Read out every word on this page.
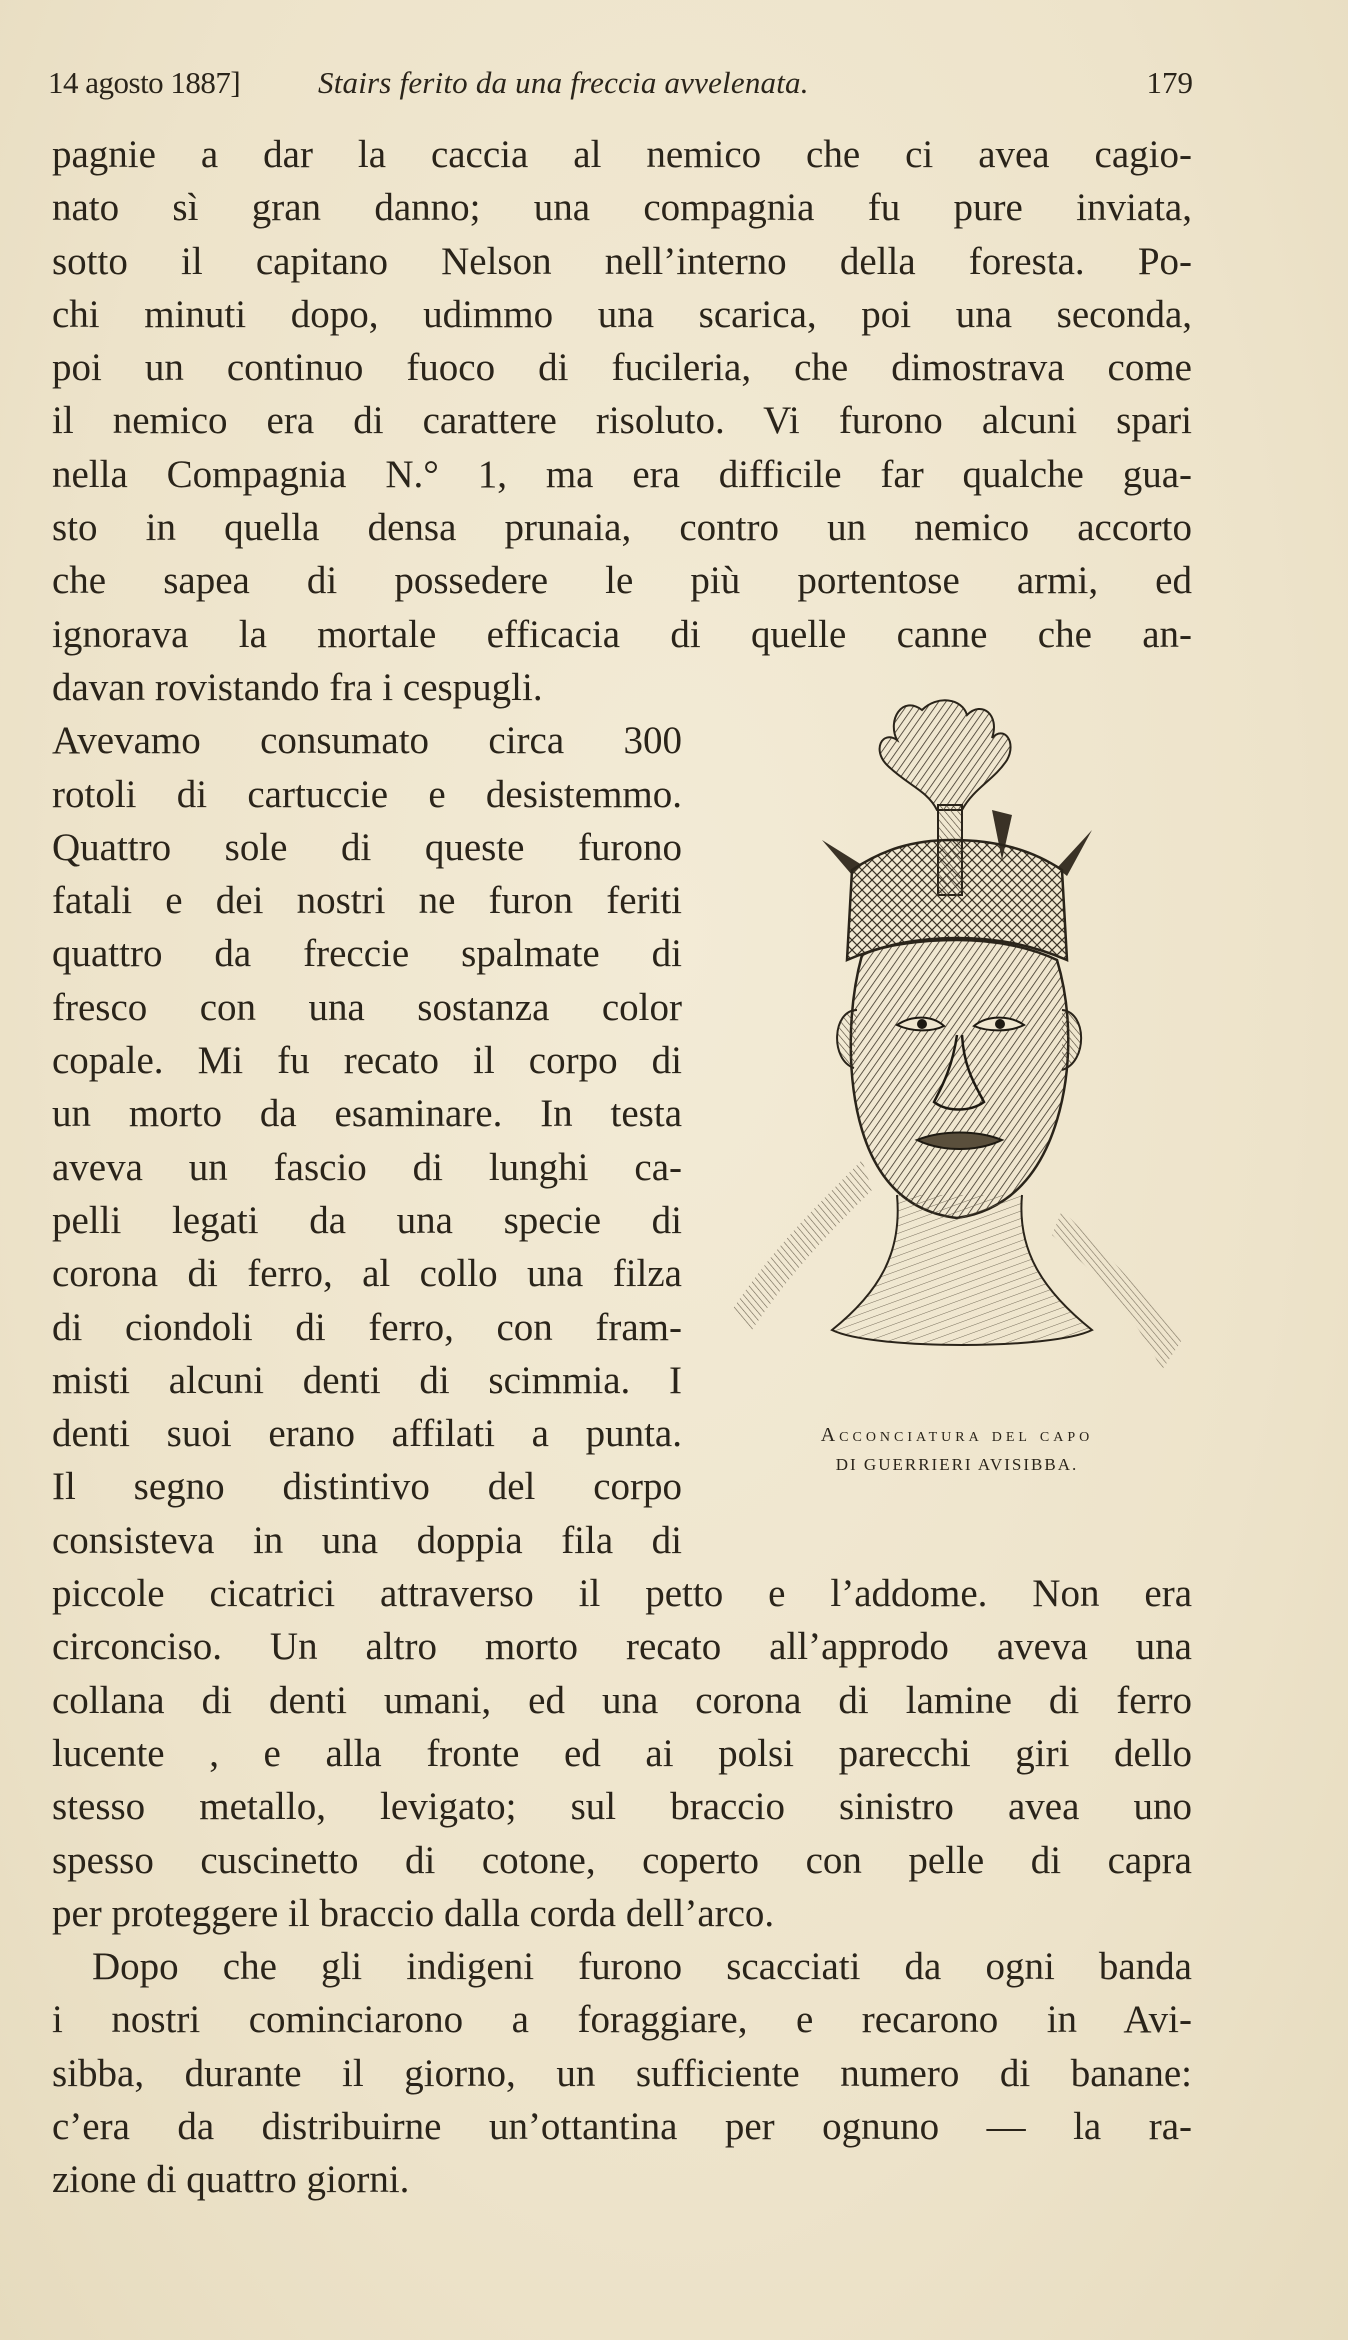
14 agosto 1887]	Stairs ferito da una freccia avvelenata.	179
pagnie a dar la caccia al nemico che ci avea cagio-
nato sì gran danno; una compagnia fu pure inviata,
sotto il capitano Nelson nell’interno della foresta. Po-
chi minuti dopo, udimmo una scarica, poi una seconda,
poi un continuo fuoco di fucileria, che dimostrava come
il nemico era di carattere risoluto. Vi furono alcuni spari
nella Compagnia N.° 1, ma era difficile far qualche gua-
sto in quella densa prunaia, contro un nemico accorto
che sapea di possedere le più portentose armi, ed
ignorava la mortale efficacia di quelle canne che an-
davan rovistando fra i cespugli.
Avevamo consumato circa 300
rotoli di cartuccie e desistemmo.
Quattro sole di queste furono
fatali e dei nostri ne furon feriti
quattro da freccie spalmate di
fresco con una sostanza color
copale. Mi fu recato il corpo di
un morto da esaminare. In testa
aveva un fascio di lunghi ca-
pelli legati da una specie di
corona di ferro, al collo una filza
di ciondoli di ferro, con fram-
misti alcuni denti di scimmia. I
denti suoi erano affilati a punta.
Il segno distintivo del corpo
consisteva in una doppia fila di
piccole cicatrici attraverso il petto e l’addome. Non era
circonciso. Un altro morto recato all’approdo aveva una
collana di denti umani, ed una corona di lamine di ferro
lucente , e alla fronte ed ai polsi parecchi giri dello
stesso metallo, levigato; sul braccio sinistro avea uno
spesso cuscinetto di cotone, coperto con pelle di capra
per proteggere il braccio dalla corda dell’arco.
Dopo che gli indigeni furono scacciati da ogni banda
i nostri cominciarono a foraggiare, e recarono in Avi-
sibba, durante il giorno, un sufficiente numero di banane:
c’era da distribuirne un’ottantina per ognuno — la ra-
zione di quattro giorni.
Acconciatura del capo
DI GUERRIERI AVISIBBA.
